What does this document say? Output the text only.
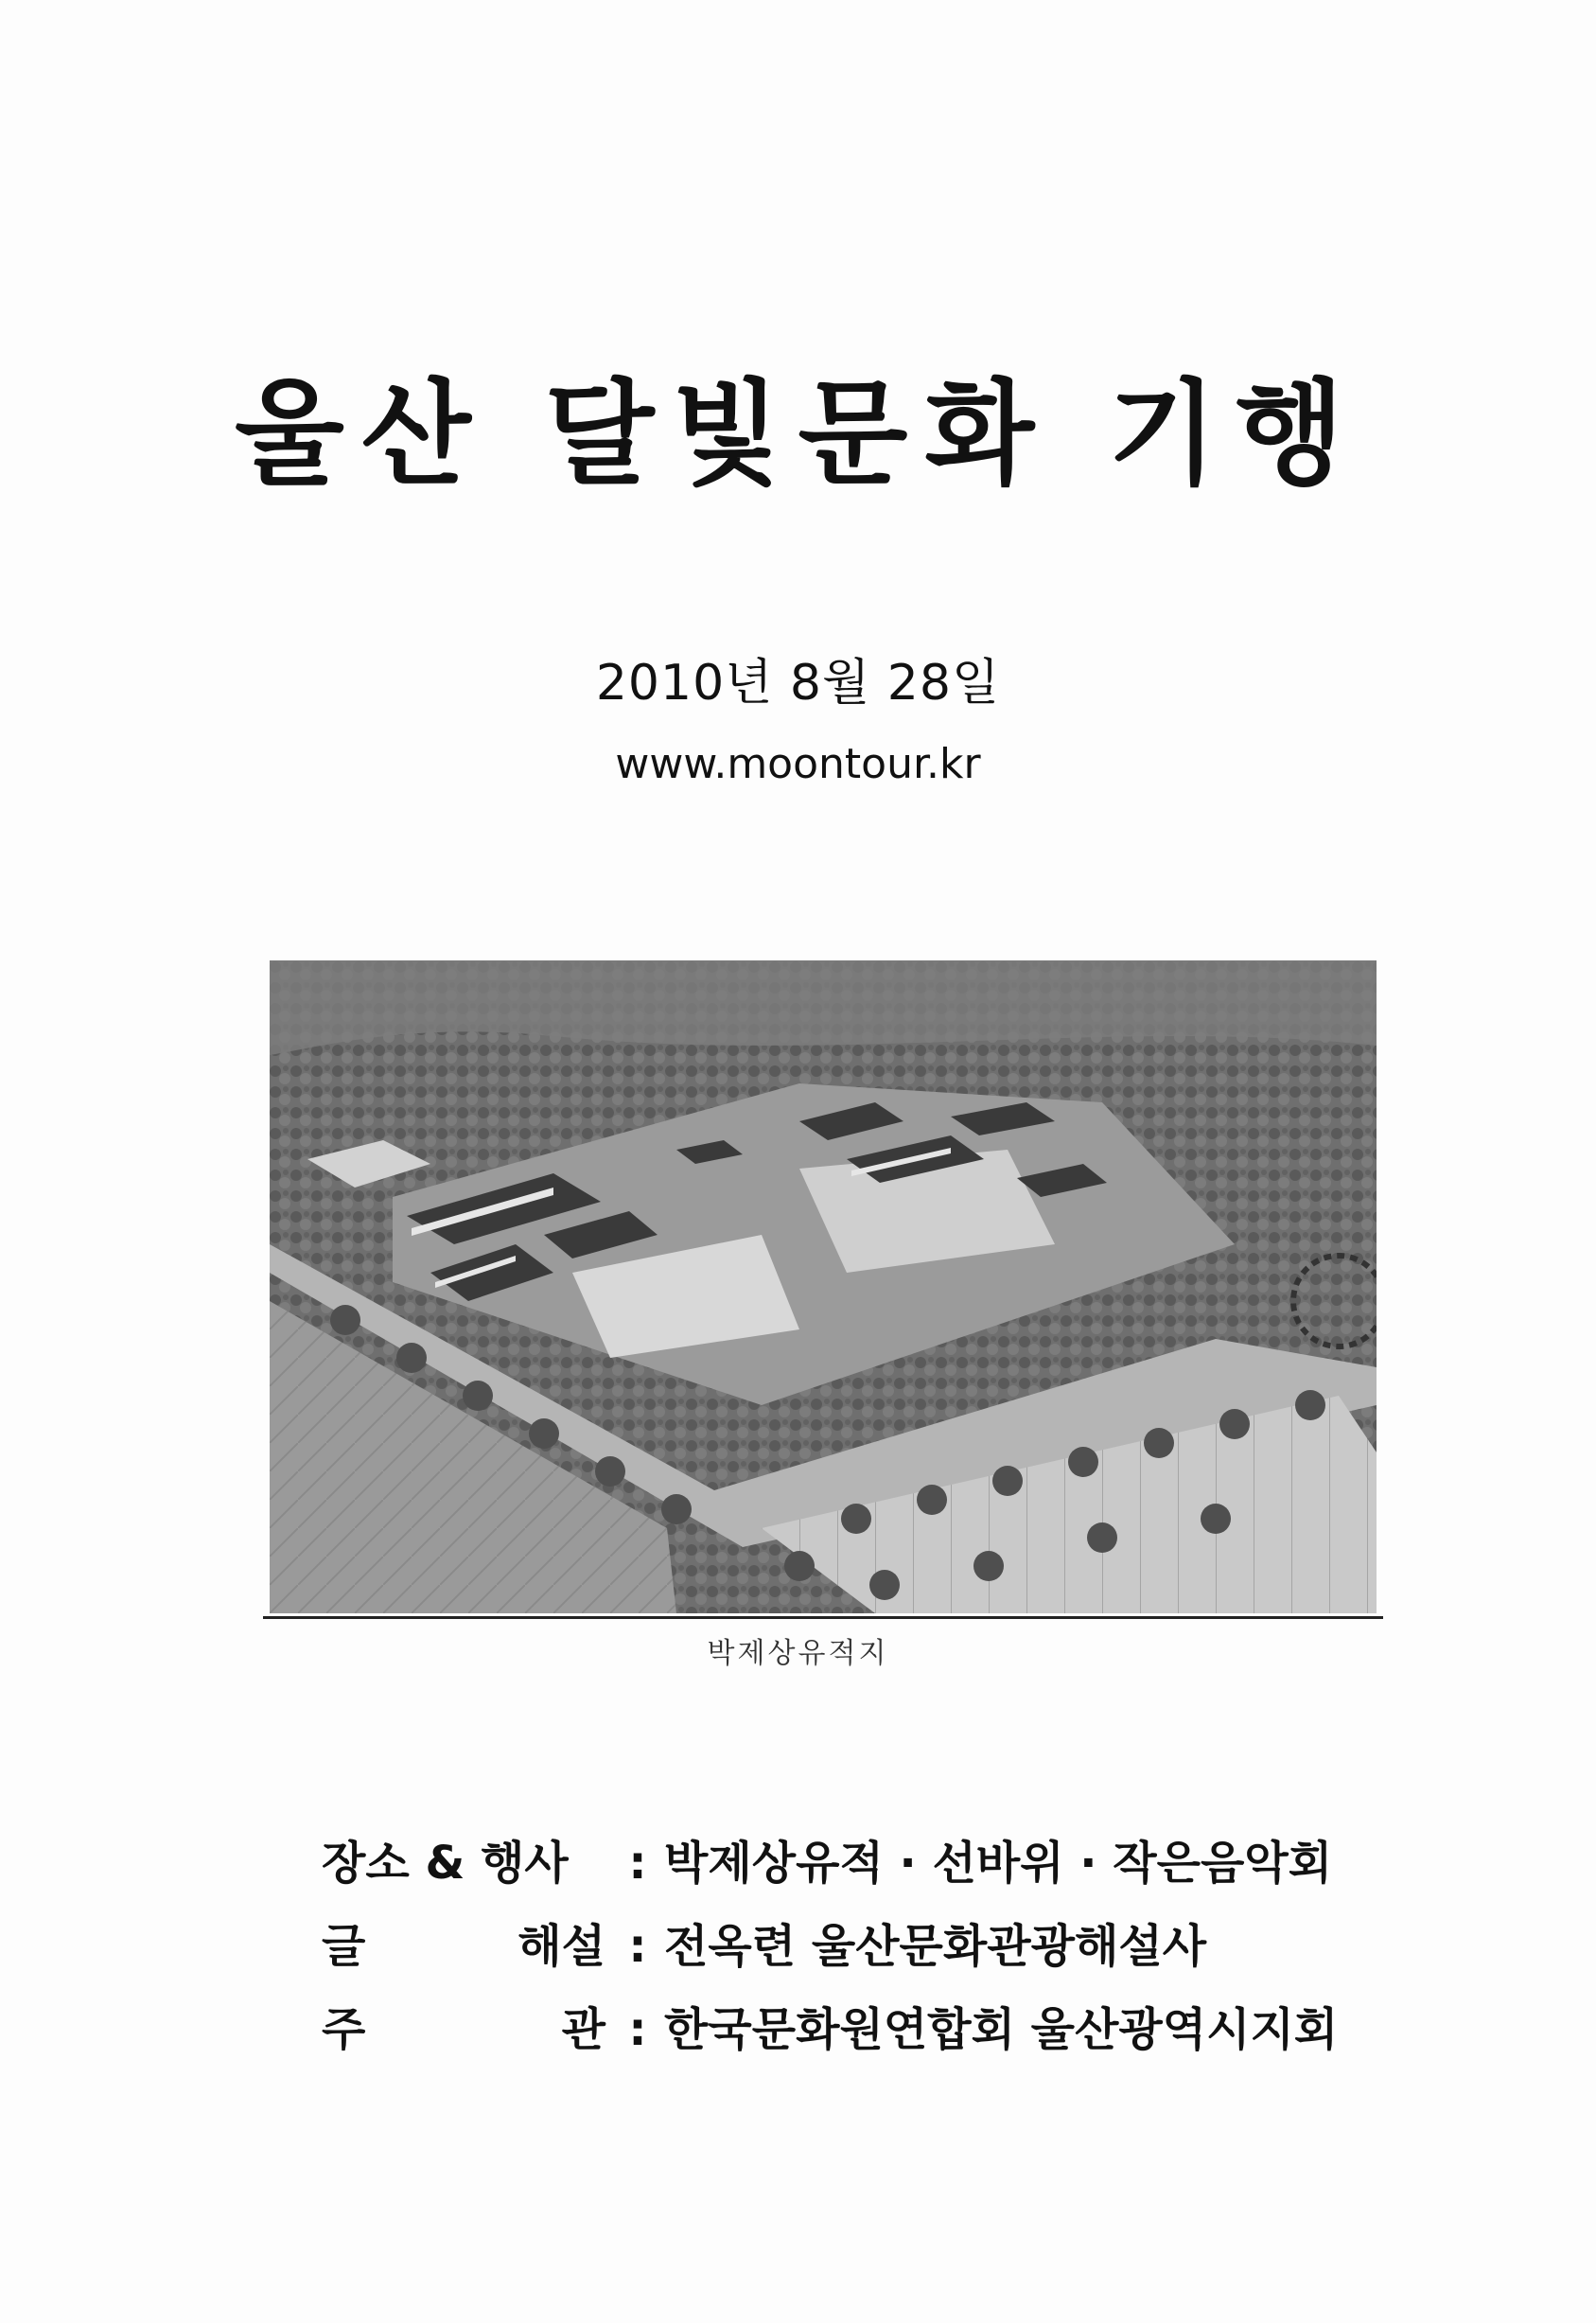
울산 달빛문화 기행
2010년 8월 28일
www.moontour.kr
박제상유적지
장소 & 행사	: 박제상유적 · 선바위 · 작은음악회
글	해설 : 전옥련 울산문화관광해설사
주	관 : 한국문화원연합회 울산광역시지회
